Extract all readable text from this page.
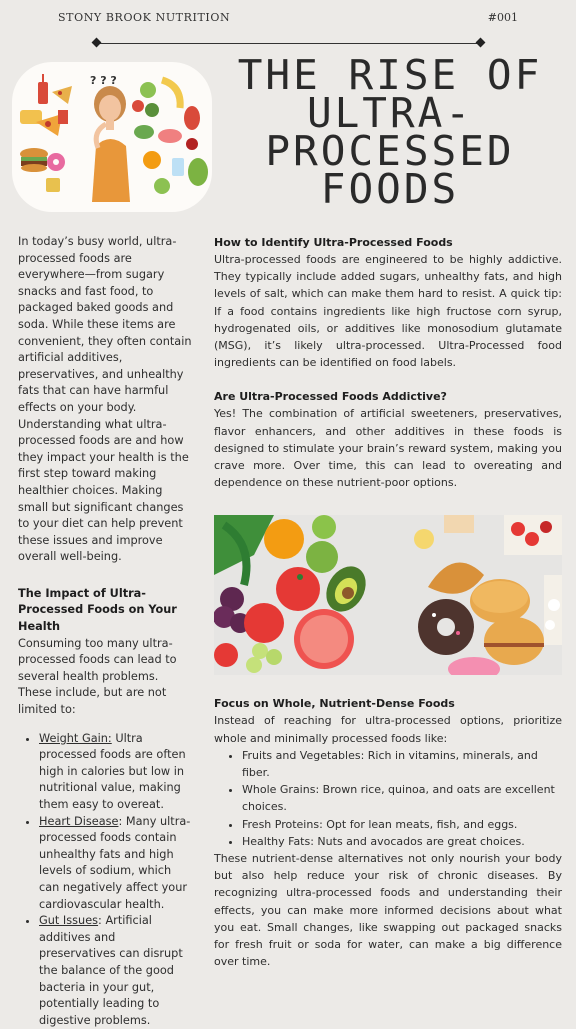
STONY BROOK NUTRITION	#001
? ? ?	THE RISE OF ULTRA-PROCESSED FOODS

In today’s busy world, ultra-processed foods are everywhere—from sugary snacks and fast food, to packaged baked goods and soda. While these items are convenient, they often contain artificial additives, preservatives, and unhealthy fats that can have harmful effects on your body. Understanding what ultra-processed foods are and how they impact your health is the first step toward making healthier choices. Making small but significant changes to your diet can help prevent these issues and improve overall well-being.

The Impact of Ultra-Processed Foods on Your Health

Consuming too many ultra-processed foods can lead to several health problems. These include, but are not limited to:

• Weight Gain: Ultra processed foods are often high in calories but low in nutritional value, making them easy to overeat.
• Heart Disease: Many ultra-processed foods contain unhealthy fats and high levels of sodium, which can negatively affect your cardiovascular health.
• Gut Issues: Artificial additives and preservatives can disrupt the balance of the good bacteria in your gut, potentially leading to digestive problems.
How to Identify Ultra-Processed Foods

Ultra-processed foods are engineered to be highly addictive. They typically include added sugars, unhealthy fats, and high levels of salt, which can make them hard to resist. A quick tip: If a food contains ingredients like high fructose corn syrup, hydrogenated oils, or additives like monosodium glutamate (MSG), it’s likely ultra-processed. Ultra-Processed food ingredients can be identified on food labels.

Are Ultra-Processed Foods Addictive?

Yes! The combination of artificial sweeteners, preservatives, flavor enhancers, and other additives in these foods is designed to stimulate your brain’s reward system, making you crave more. Over time, this can lead to overeating and dependence on these nutrient-poor options.

Focus on Whole, Nutrient-Dense Foods

Instead of reaching for ultra-processed options, prioritize whole and minimally processed foods like:

• Fruits and Vegetables: Rich in vitamins, minerals, and fiber.
• Whole Grains: Brown rice, quinoa, and oats are excellent choices.
• Fresh Proteins: Opt for lean meats, fish, and eggs.
• Healthy Fats: Nuts and avocados are great choices.

These nutrient-dense alternatives not only nourish your body but also help reduce your risk of chronic diseases. By recognizing ultra-processed foods and understanding their effects, you can make more informed decisions about what you eat. Small changes, like swapping out packaged snacks for fresh fruit or soda for water, can make a big difference over time.
